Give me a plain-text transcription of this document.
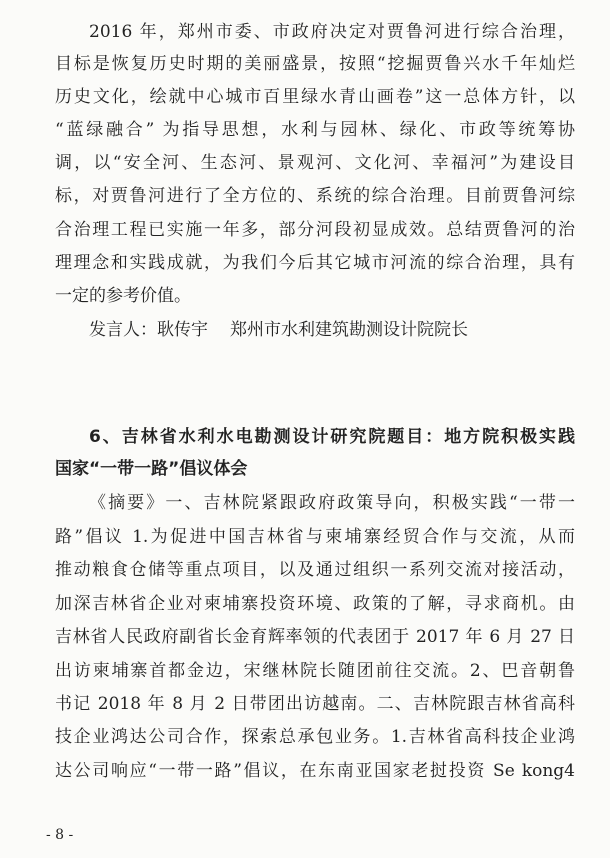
2016 年，郑州市委、市政府决定对贾鲁河进行综合治理，
目标是恢复历史时期的美丽盛景，按照“挖掘贾鲁兴水千年灿烂
历史文化，绘就中心城市百里绿水青山画卷”这一总体方针，以
“蓝绿融合” 为指导思想，水利与园林、绿化、市政等统筹协
调，以“安全河、生态河、景观河、文化河、幸福河”为建设目
标，对贾鲁河进行了全方位的、系统的综合治理。目前贾鲁河综
合治理工程已实施一年多，部分河段初显成效。总结贾鲁河的治
理理念和实践成就，为我们今后其它城市河流的综合治理，具有
一定的参考价值。
发言人：耿传宇 郑州市水利建筑勘测设计院院长
6、吉林省水利水电勘测设计研究院题目：地方院积极实践
国家“一带一路”倡议体会
《摘要》一、吉林院紧跟政府政策导向，积极实践“一带一
路”倡议 1.为促进中国吉林省与柬埔寨经贸合作与交流，从而
推动粮食仓储等重点项目，以及通过组织一系列交流对接活动，
加深吉林省企业对柬埔寨投资环境、政策的了解，寻求商机。由
吉林省人民政府副省长金育辉率领的代表团于 2017 年 6 月 27 日
出访柬埔寨首都金边，宋继林院长随团前往交流。2、巴音朝鲁
书记 2018 年 8 月 2 日带团出访越南。二、吉林院跟吉林省高科
技企业鸿达公司合作，探索总承包业务。1.吉林省高科技企业鸿
达公司响应“一带一路”倡议，在东南亚国家老挝投资 Se kong4
- 8 -
